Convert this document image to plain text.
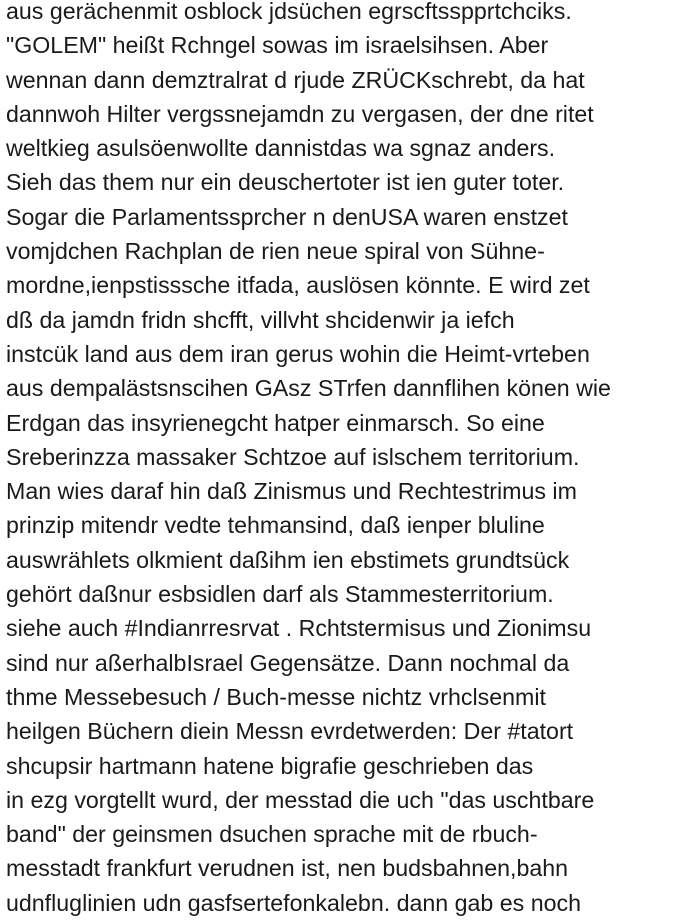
aus gerächenmit osblock jdsüchen egrscftsspprtchciks.
"GOLEM" heißt Rchngel sowas im israelsihsen. Aber
wennan dann demztralrat d rjude ZRÜCKschrebt, da hat
dannwoh Hilter vergssnejamdn zu vergasen, der dne ritet
weltkieg asulsöenwollte dannistdas wa sgnaz anders.
Sieh das them nur ein deuschertoter ist ien guter toter.
Sogar die Parlamentssprcher n denUSA waren enstzet
vomjdchen Rachplan de rien neue spiral von Sühne-
mordne,ienpstisssche itfada, auslösen könnte. E wird zet
dß da jamdn fridn shcfft, villvht shcidenwir ja iefch
instcük land aus dem iran gerus wohin die Heimt-vrteben
aus dempalästsnscihen GAsz STrfen dannflihen könen wie
Erdgan das insyrienegcht hatper einmarsch. So eine
Sreberinzza massaker Schtzoe auf islschem territorium.
Man wies daraf hin daß Zinismus und Rechtestrimus im
prinzip mitendr vedte tehmansind, daß ienper bluline
auswrählets olkmient daßihm ien ebstimets grundtsück
gehört daßnur esbsidlen darf als Stammesterritorium.
siehe auch #Indianrresrvat . Rchtstermisus und Zionimsu
sind nur aßerhalbIsrael Gegensätze. Dann nochmal da
thme Messebesuch / Buch-messe nichtz vrhclsenmit
heilgen Büchern diein Messn evrdetwerden: Der #tatort
shcupsir hartmann hatene bigrafie geschrieben das
in ezg vorgtellt wurd, der messtad die uch "das uschtbare
band" der geinsmen dsuchen sprache mit de rbuch-
messtadt frankfurt verudnen ist, nen budsbahnen,bahn
udnfluglinien udn gasfsertefonkalebn. dann gab es noch
